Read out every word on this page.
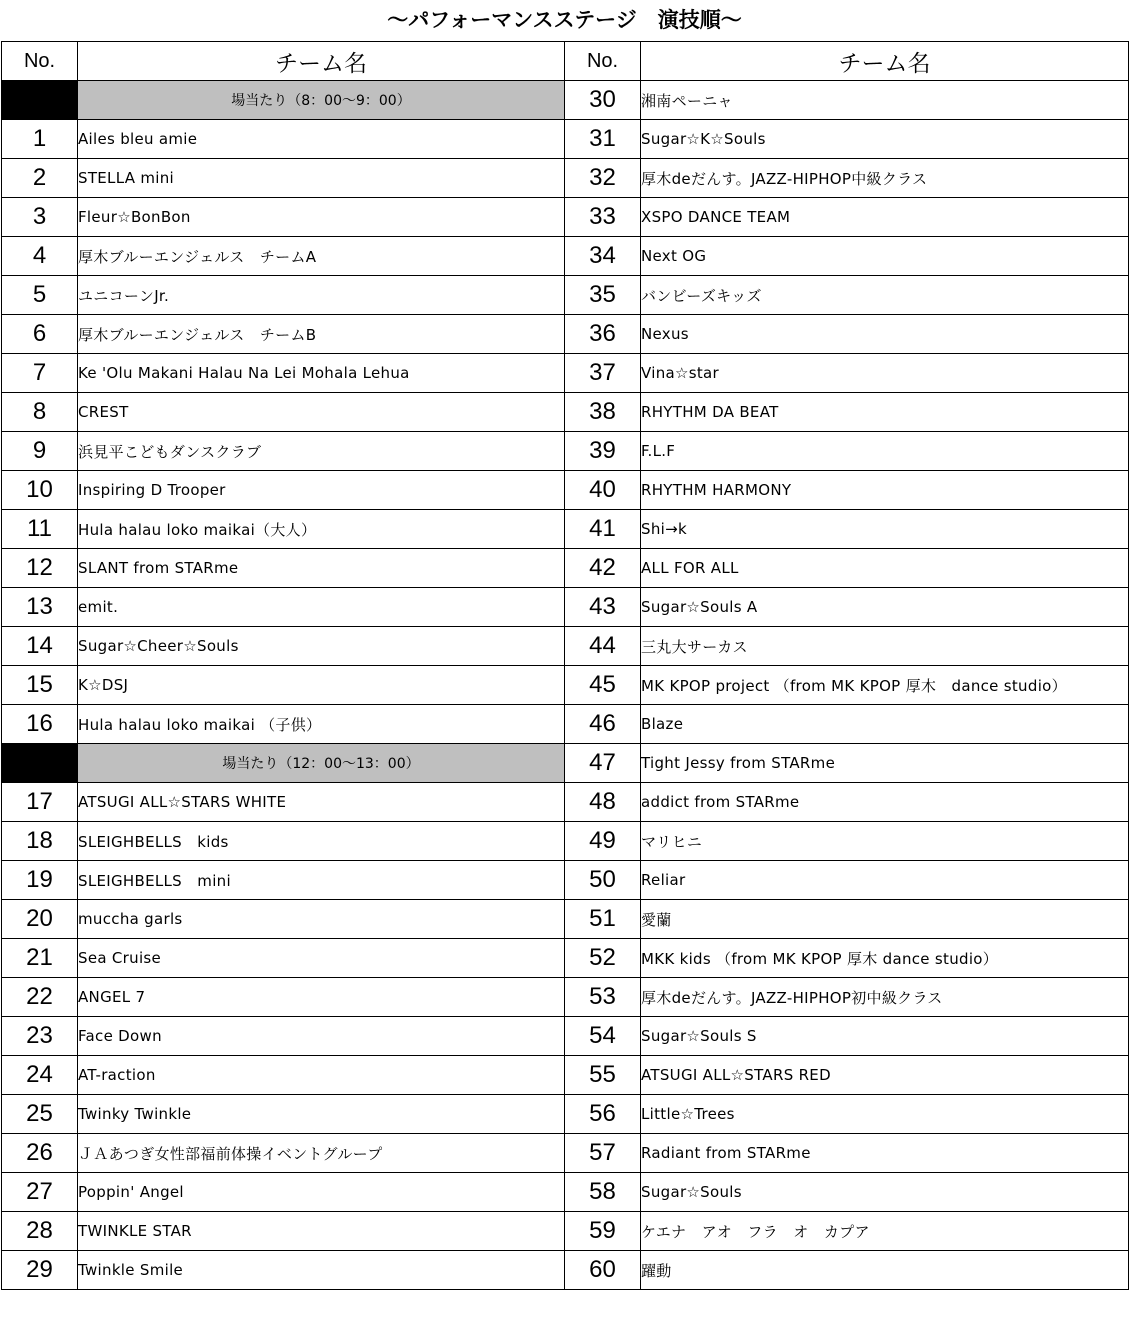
～パフォーマンスステージ　演技順～
No.	チーム名	No.	チーム名
	場当たり（8：00～9：00）	30	湘南ペーニャ
1	Ailes bleu amie	31	Sugar☆K☆Souls
2	STELLA mini	32	厚木deだんす。JAZZ-HIPHOP中級クラス
3	Fleur☆BonBon	33	XSPO DANCE TEAM
4	厚木ブルーエンジェルス　チームA	34	Next OG
5	ユニコーンJr.	35	バンビーズキッズ
6	厚木ブルーエンジェルス　チームB	36	Nexus
7	Ke 'Olu Makani Halau Na Lei Mohala Lehua	37	Vina☆star
8	CREST	38	RHYTHM DA BEAT
9	浜見平こどもダンスクラブ	39	F.L.F
10	Inspiring D Trooper	40	RHYTHM HARMONY
11	Hula halau loko maikai（大人）	41	Shi→k
12	SLANT from STARme	42	ALL FOR ALL
13	emit.	43	Sugar☆Souls A
14	Sugar☆Cheer☆Souls	44	三丸大サーカス
15	K☆DSJ	45	MK KPOP project （from MK KPOP 厚木　dance studio）
16	Hula halau loko maikai （子供）	46	Blaze
	場当たり（12：00～13：00）	47	Tight Jessy from STARme
17	ATSUGI ALL☆STARS WHITE	48	addict from STARme
18	SLEIGHBELLS　kids	49	マリヒニ
19	SLEIGHBELLS　mini	50	Reliar
20	muccha garls	51	愛蘭
21	Sea Cruise	52	MKK kids （from MK KPOP 厚木 dance studio）
22	ANGEL 7	53	厚木deだんす。JAZZ-HIPHOP初中級クラス
23	Face Down	54	Sugar☆Souls S
24	AT-raction	55	ATSUGI ALL☆STARS RED
25	Twinky Twinkle	56	Little☆Trees
26	ＪＡあつぎ女性部福前体操イベントグループ	57	Radiant from STARme
27	Poppin' Angel	58	Sugar☆Souls
28	TWINKLE STAR	59	ケエナ　アオ　フラ　オ　カプア
29	Twinkle Smile	60	躍動
